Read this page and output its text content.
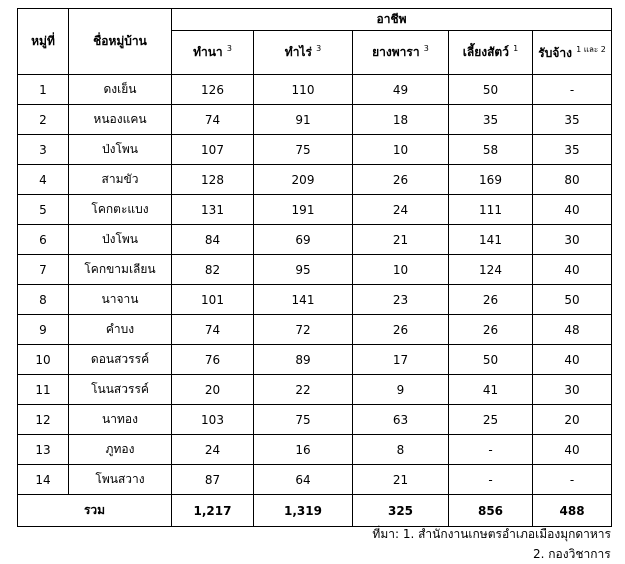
หมู่ที่	ชื่อหมู่บ้าน	อาชีพ				
		ทำนา $^3$	ทำไร่ $^3$	ยางพารา $^3$	เลี้ยงสัตว์ $^1$	รับจ้าง $^{1 และ 2}$
1	ดงเย็น	126	110	49	50	-
2	หนองแคน	74	91	18	35	35
3	ป่งโพน	107	75	10	58	35
4	สามขัว	128	209	26	169	80
5	โคกตะแบง	131	191	24	111	40
6	ป่งโพน	84	69	21	141	30
7	โคกขามเลียน	82	95	10	124	40
8	นาจาน	101	141	23	26	50
9	คำบง	74	72	26	26	48
10	ดอนสวรรค์	76	89	17	50	40
11	โนนสวรรค์	20	22	9	41	30
12	นาทอง	103	75	63	25	20
13	ภูทอง	24	16	8	-	40
14	โพนสวาง	87	64	21	-	-
รวม		1,217	1,319	325	856	488
ที่มา: 1. สำนักงานเกษตรอำเภอเมืองมุกดาหาร
2. กองวิชาการ
